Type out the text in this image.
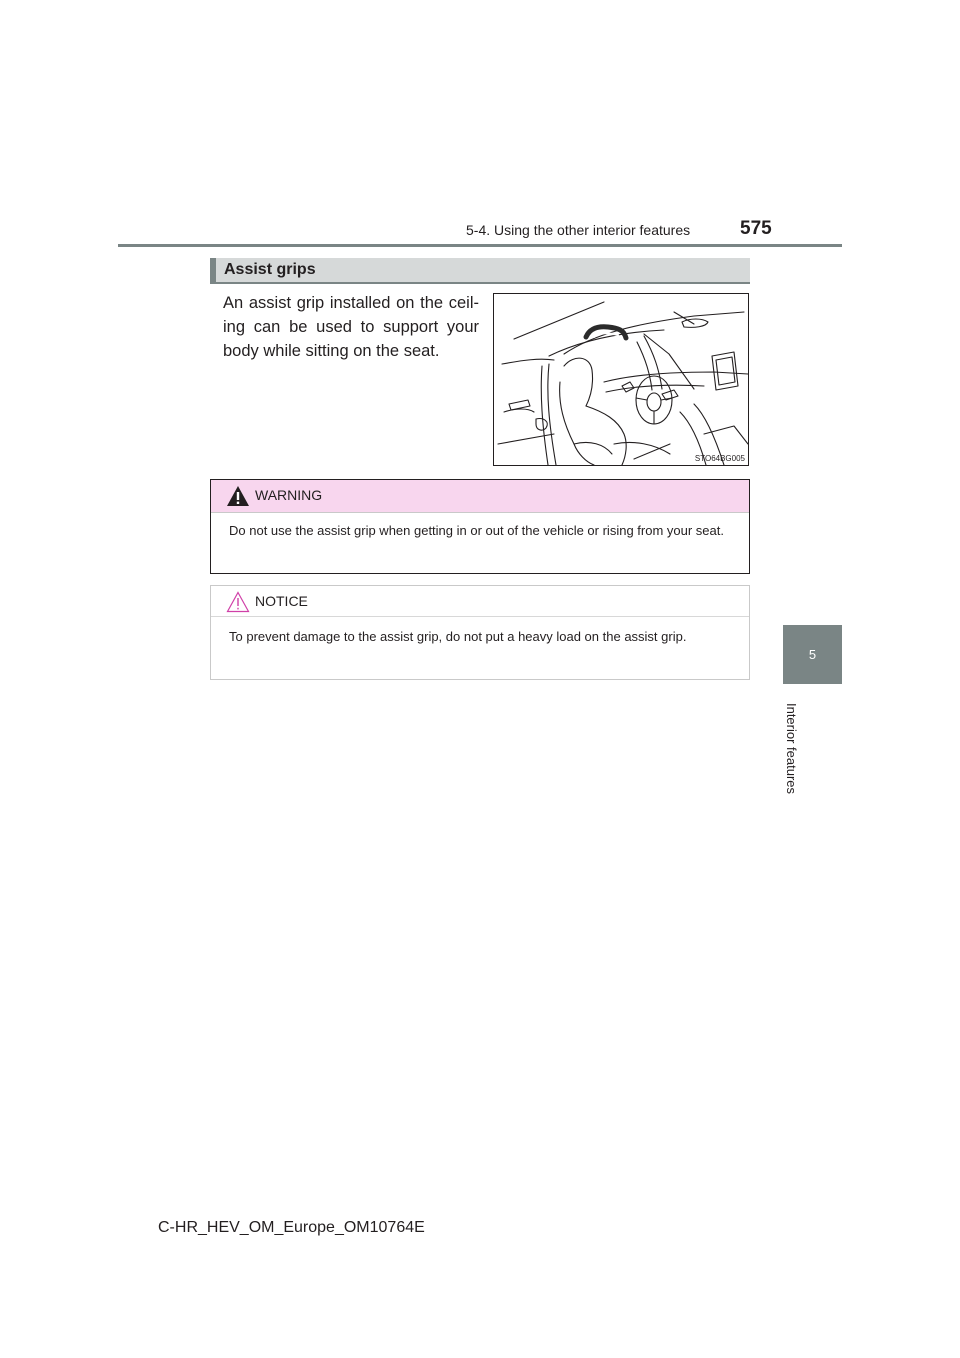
5-4. Using the other interior features	575
5
Interior features
Assist grips
An assist grip installed on the ceil-ing can be used to support your body while sitting on the seat.
STO64BG005
WARNING
Do not use the assist grip when getting in or out of the vehicle or rising from your seat.
NOTICE
To prevent damage to the assist grip, do not put a heavy load on the assist grip.
C-HR_HEV_OM_Europe_OM10764E
